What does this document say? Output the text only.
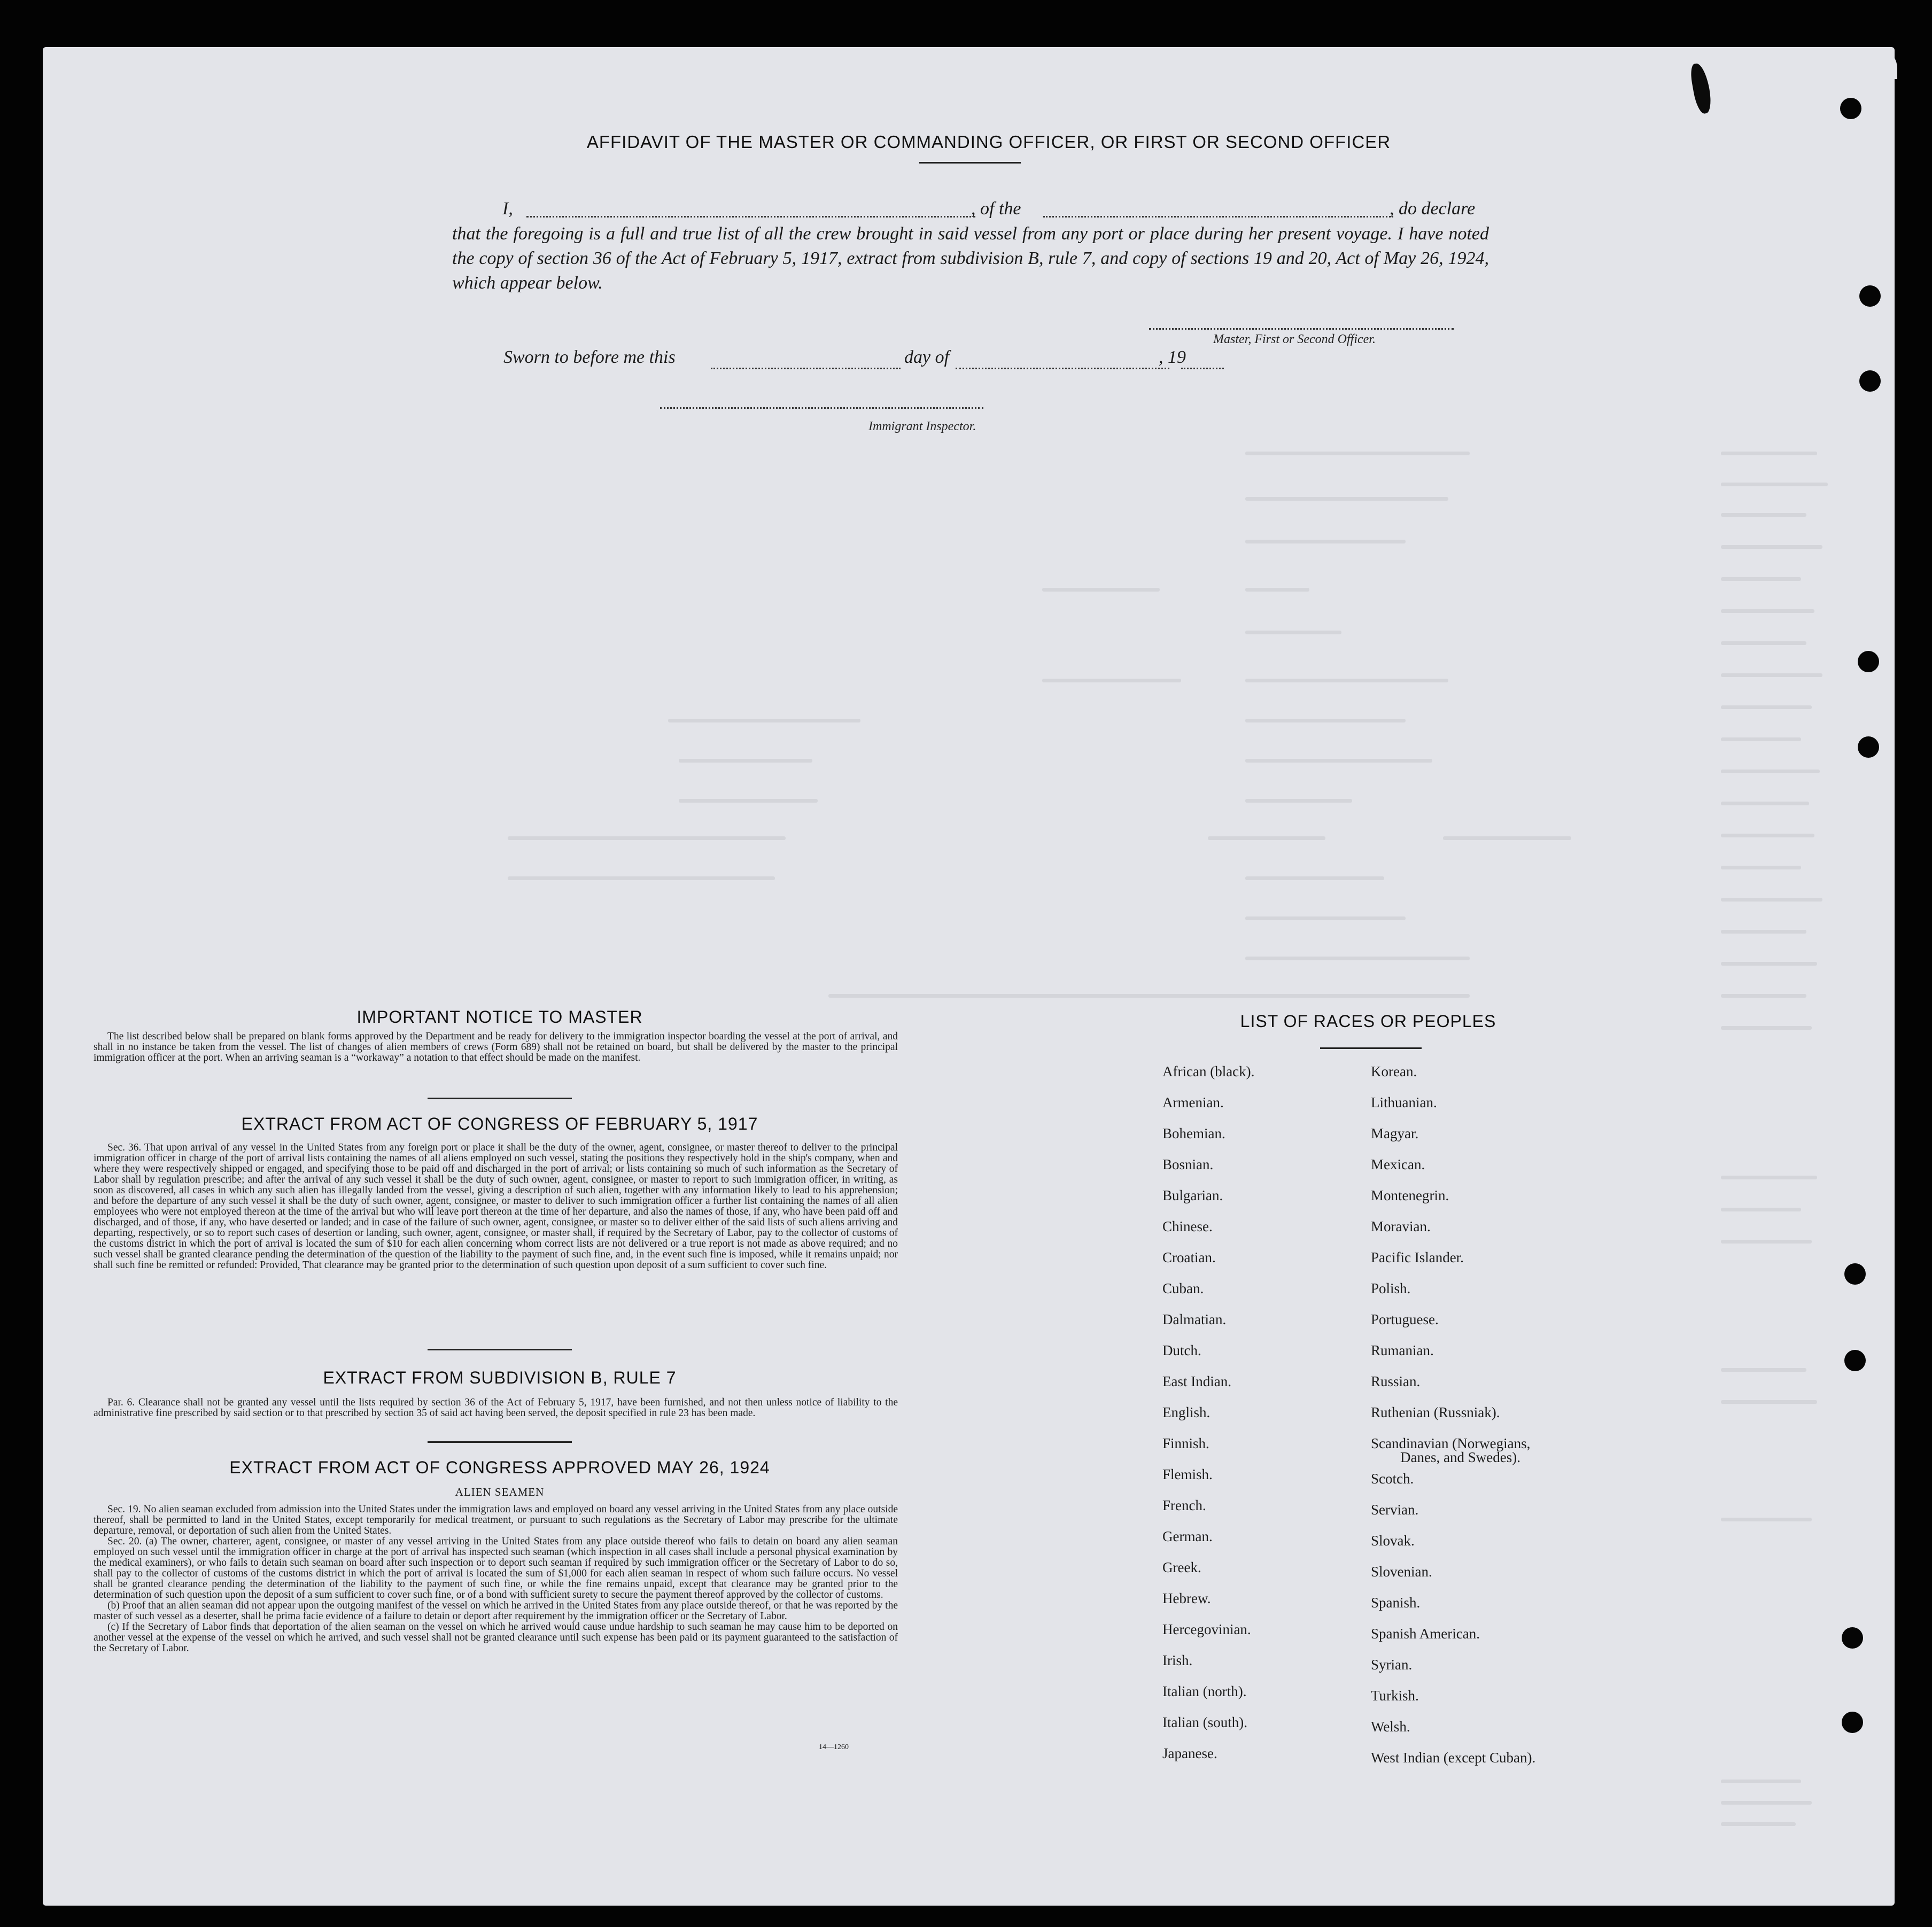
AFFIDAVIT OF THE MASTER OR COMMANDING OFFICER, OR FIRST OR SECOND OFFICER
I,	, of the	, do declare
that the foregoing is a full and true list of all the crew brought in said vessel from any port or place during her present voyage. I have noted the copy of section 36 of the Act of February 5, 1917, extract from subdivision B, rule 7, and copy of sections 19 and 20, Act of May 26, 1924, which appear below.
Master, First or Second Officer.
Sworn to before me this	day of	, 19
Immigrant Inspector.
IMPORTANT NOTICE TO MASTER

The list described below shall be prepared on blank forms approved by the Department and be ready for delivery to the immigration inspector boarding the vessel at the port of arrival, and shall in no instance be taken from the vessel. The list of changes of alien members of crews (Form 689) shall not be retained on board, but shall be delivered by the master to the principal immigration officer at the port. When an arriving seaman is a “workaway” a notation to that effect should be made on the manifest.

EXTRACT FROM ACT OF CONGRESS OF FEBRUARY 5, 1917

Sec. 36. That upon arrival of any vessel in the United States from any foreign port or place it shall be the duty of the owner, agent, consignee, or master thereof to deliver to the principal immigration officer in charge of the port of arrival lists containing the names of all aliens employed on such vessel, stating the positions they respectively hold in the ship's company, when and where they were respectively shipped or engaged, and specifying those to be paid off and discharged in the port of arrival; or lists containing so much of such information as the Secretary of Labor shall by regulation prescribe; and after the arrival of any such vessel it shall be the duty of such owner, agent, consignee, or master to report to such immigration officer, in writing, as soon as discovered, all cases in which any such alien has illegally landed from the vessel, giving a description of such alien, together with any information likely to lead to his apprehension; and before the departure of any such vessel it shall be the duty of such owner, agent, consignee, or master to deliver to such immigration officer a further list containing the names of all alien employees who were not employed thereon at the time of the arrival but who will leave port thereon at the time of her departure, and also the names of those, if any, who have been paid off and discharged, and of those, if any, who have deserted or landed; and in case of the failure of such owner, agent, consignee, or master so to deliver either of the said lists of such aliens arriving and departing, respectively, or so to report such cases of desertion or landing, such owner, agent, consignee, or master shall, if required by the Secretary of Labor, pay to the collector of customs of the customs district in which the port of arrival is located the sum of $10 for each alien concerning whom correct lists are not delivered or a true report is not made as above required; and no such vessel shall be granted clearance pending the determination of the question of the liability to the payment of such fine, and, in the event such fine is imposed, while it remains unpaid; nor shall such fine be remitted or refunded: Provided, That clearance may be granted prior to the determination of such question upon deposit of a sum sufficient to cover such fine.

EXTRACT FROM SUBDIVISION B, RULE 7

Par. 6. Clearance shall not be granted any vessel until the lists required by section 36 of the Act of February 5, 1917, have been furnished, and not then unless notice of liability to the administrative fine prescribed by said section or to that prescribed by section 35 of said act having been served, the deposit specified in rule 23 has been made.

EXTRACT FROM ACT OF CONGRESS APPROVED MAY 26, 1924
ALIEN SEAMEN

Sec. 19. No alien seaman excluded from admission into the United States under the immigration laws and employed on board any vessel arriving in the United States from any place outside thereof, shall be permitted to land in the United States, except temporarily for medical treatment, or pursuant to such regulations as the Secretary of Labor may prescribe for the ultimate departure, removal, or deportation of such alien from the United States.

Sec. 20. (a) The owner, charterer, agent, consignee, or master of any vessel arriving in the United States from any place outside thereof who fails to detain on board any alien seaman employed on such vessel until the immigration officer in charge at the port of arrival has inspected such seaman (which inspection in all cases shall include a personal physical examination by the medical examiners), or who fails to detain such seaman on board after such inspection or to deport such seaman if required by such immigration officer or the Secretary of Labor to do so, shall pay to the collector of customs of the customs district in which the port of arrival is located the sum of $1,000 for each alien seaman in respect of whom such failure occurs. No vessel shall be granted clearance pending the determination of the liability to the payment of such fine, or while the fine remains unpaid, except that clearance may be granted prior to the determination of such question upon the deposit of a sum sufficient to cover such fine, or of a bond with sufficient surety to secure the payment thereof approved by the collector of customs.

(b) Proof that an alien seaman did not appear upon the outgoing manifest of the vessel on which he arrived in the United States from any place outside thereof, or that he was reported by the master of such vessel as a deserter, shall be prima facie evidence of a failure to detain or deport after requirement by the immigration officer or the Secretary of Labor.

(c) If the Secretary of Labor finds that deportation of the alien seaman on the vessel on which he arrived would cause undue hardship to such seaman he may cause him to be deported on another vessel at the expense of the vessel on which he arrived, and such vessel shall not be granted clearance until such expense has been paid or its payment guaranteed to the satisfaction of the Secretary of Labor.

14—1260
LIST OF RACES OR PEOPLES
African (black).
Armenian.
Bohemian.
Bosnian.
Bulgarian.
Chinese.
Croatian.
Cuban.
Dalmatian.
Dutch.
East Indian.
English.
Finnish.
Flemish.
French.
German.
Greek.
Hebrew.
Hercegovinian.
Irish.
Italian (north).
Italian (south).
Japanese.
Korean.
Lithuanian.
Magyar.
Mexican.
Montenegrin.
Moravian.
Pacific Islander.
Polish.
Portuguese.
Rumanian.
Russian.
Ruthenian (Russniak).
Scandinavian (Norwegians,
Danes, and Swedes).
Scotch.
Servian.
Slovak.
Slovenian.
Spanish.
Spanish American.
Syrian.
Turkish.
Welsh.
West Indian (except Cuban).
